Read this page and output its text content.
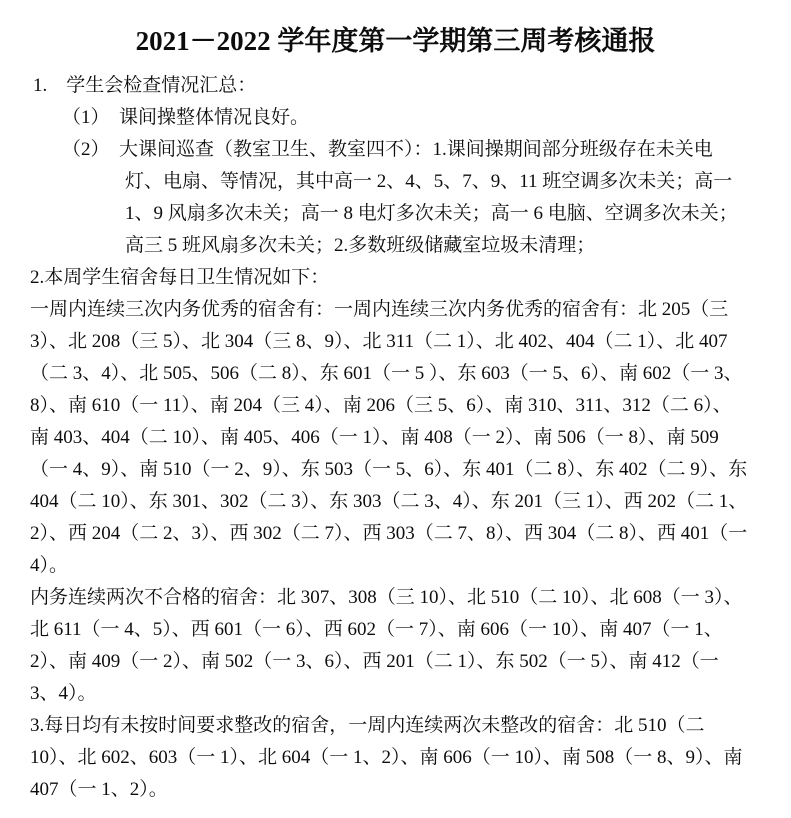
2021－2022 学年度第一学期第三周考核通报
1.　学生会检查情况汇总：
（1）　课间操整体情况良好。
（2）　大课间巡查（教室卫生、教室四不）：1.课间操期间部分班级存在未关电
灯、电扇、等情况，其中高一 2、4、5、7、9、11 班空调多次未关；高一
1、9 风扇多次未关；高一 8 电灯多次未关；高一 6 电脑、空调多次未关；
高三 5 班风扇多次未关；2.多数班级储藏室垃圾未清理；
2.本周学生宿舍每日卫生情况如下：
一周内连续三次内务优秀的宿舍有：一周内连续三次内务优秀的宿舍有：北 205（三
3）、北 208（三 5）、北 304（三 8、9）、北 311（二 1）、北 402、404（二 1）、北 407
（二 3、4）、北 505、506（二 8）、东 601（一 5 ）、东 603（一 5、6）、南 602（一 3、
8）、南 610（一 11）、南 204（三 4）、南 206（三 5、6）、南 310、311、312（二 6）、
南 403、404（二 10）、南 405、406（一 1）、南 408（一 2）、南 506（一 8）、南 509
（一 4、9）、南 510（一 2、9）、东 503（一 5、6）、东 401（二 8）、东 402（二 9）、东
404（二 10）、东 301、302（二 3）、东 303（二 3、4）、东 201（三 1）、西 202（二 1、
2）、西 204（二 2、3）、西 302（二 7）、西 303（二 7、8）、西 304（二 8）、西 401（一
4）。
内务连续两次不合格的宿舍：北 307、308（三 10）、北 510（二 10）、北 608（一 3）、
北 611（一 4、5）、西 601（一 6）、西 602（一 7）、南 606（一 10）、南 407（一 1、
2）、南 409（一 2）、南 502（一 3、6）、西 201（二 1）、东 502（一 5）、南 412（一
3、4）。
3.每日均有未按时间要求整改的宿舍，一周内连续两次未整改的宿舍：北 510（二
10）、北 602、603（一 1）、北 604（一 1、2）、南 606（一 10）、南 508（一 8、9）、南
407（一 1、2）。
